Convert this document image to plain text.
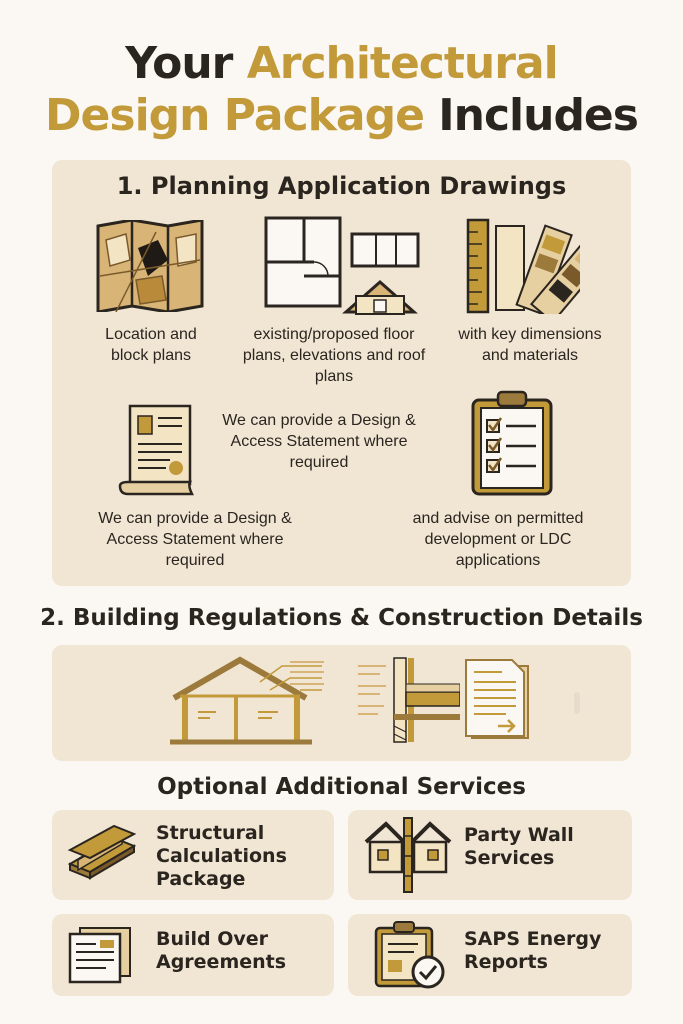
Your Architectural
Design Package Includes
1. Planning Application Drawings
Location and block plans
existing/proposed floor plans, elevations and roof plans
with key dimensions and materials
We can provide a Design & Access Statement where required
We can provide a Design & Access Statement where required
and advise on permitted development or LDC applications
2. Building Regulations & Construction Details
Optional Additional Services
Structural Calculations Package
Party Wall Services
Build Over Agreements
SAPS Energy Reports
